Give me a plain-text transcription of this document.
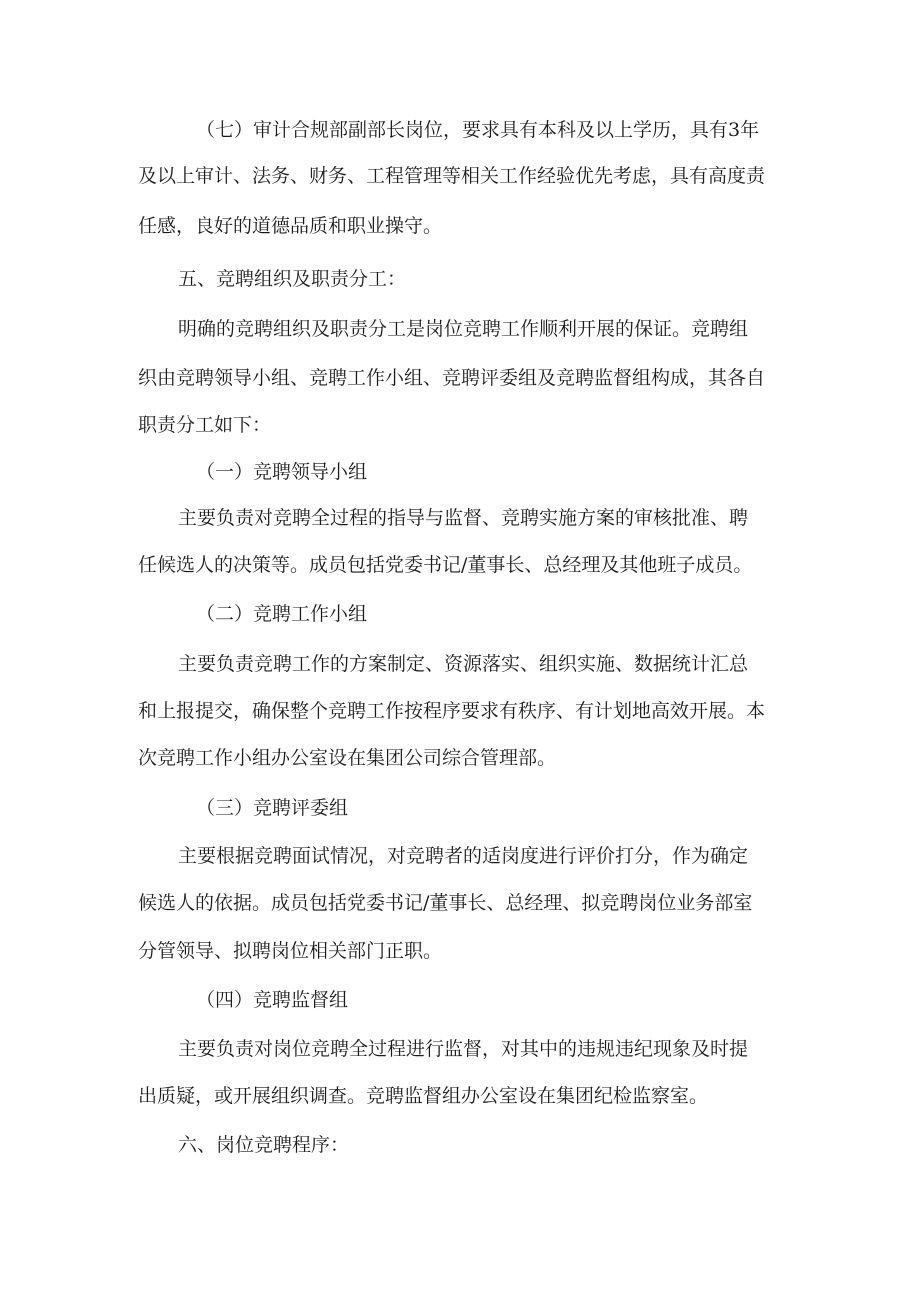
（七）审计合规部副部长岗位，要求具有本科及以上学历，具有3年
及以上审计、法务、财务、工程管理等相关工作经验优先考虑，具有高度责
任感，良好的道德品质和职业操守。
五、竞聘组织及职责分工：
明确的竞聘组织及职责分工是岗位竞聘工作顺利开展的保证。竞聘组
织由竞聘领导小组、竞聘工作小组、竞聘评委组及竞聘监督组构成，其各自
职责分工如下：
（一）竞聘领导小组
主要负责对竞聘全过程的指导与监督、竞聘实施方案的审核批准、聘
任候选人的决策等。成员包括党委书记/董事长、总经理及其他班子成员。
（二）竞聘工作小组
主要负责竞聘工作的方案制定、资源落实、组织实施、数据统计汇总
和上报提交，确保整个竞聘工作按程序要求有秩序、有计划地高效开展。本
次竞聘工作小组办公室设在集团公司综合管理部。
（三）竞聘评委组
主要根据竞聘面试情况，对竞聘者的适岗度进行评价打分，作为确定
候选人的依据。成员包括党委书记/董事长、总经理、拟竞聘岗位业务部室
分管领导、拟聘岗位相关部门正职。
（四）竞聘监督组
主要负责对岗位竞聘全过程进行监督，对其中的违规违纪现象及时提
出质疑，或开展组织调查。竞聘监督组办公室设在集团纪检监察室。
六、岗位竞聘程序：
